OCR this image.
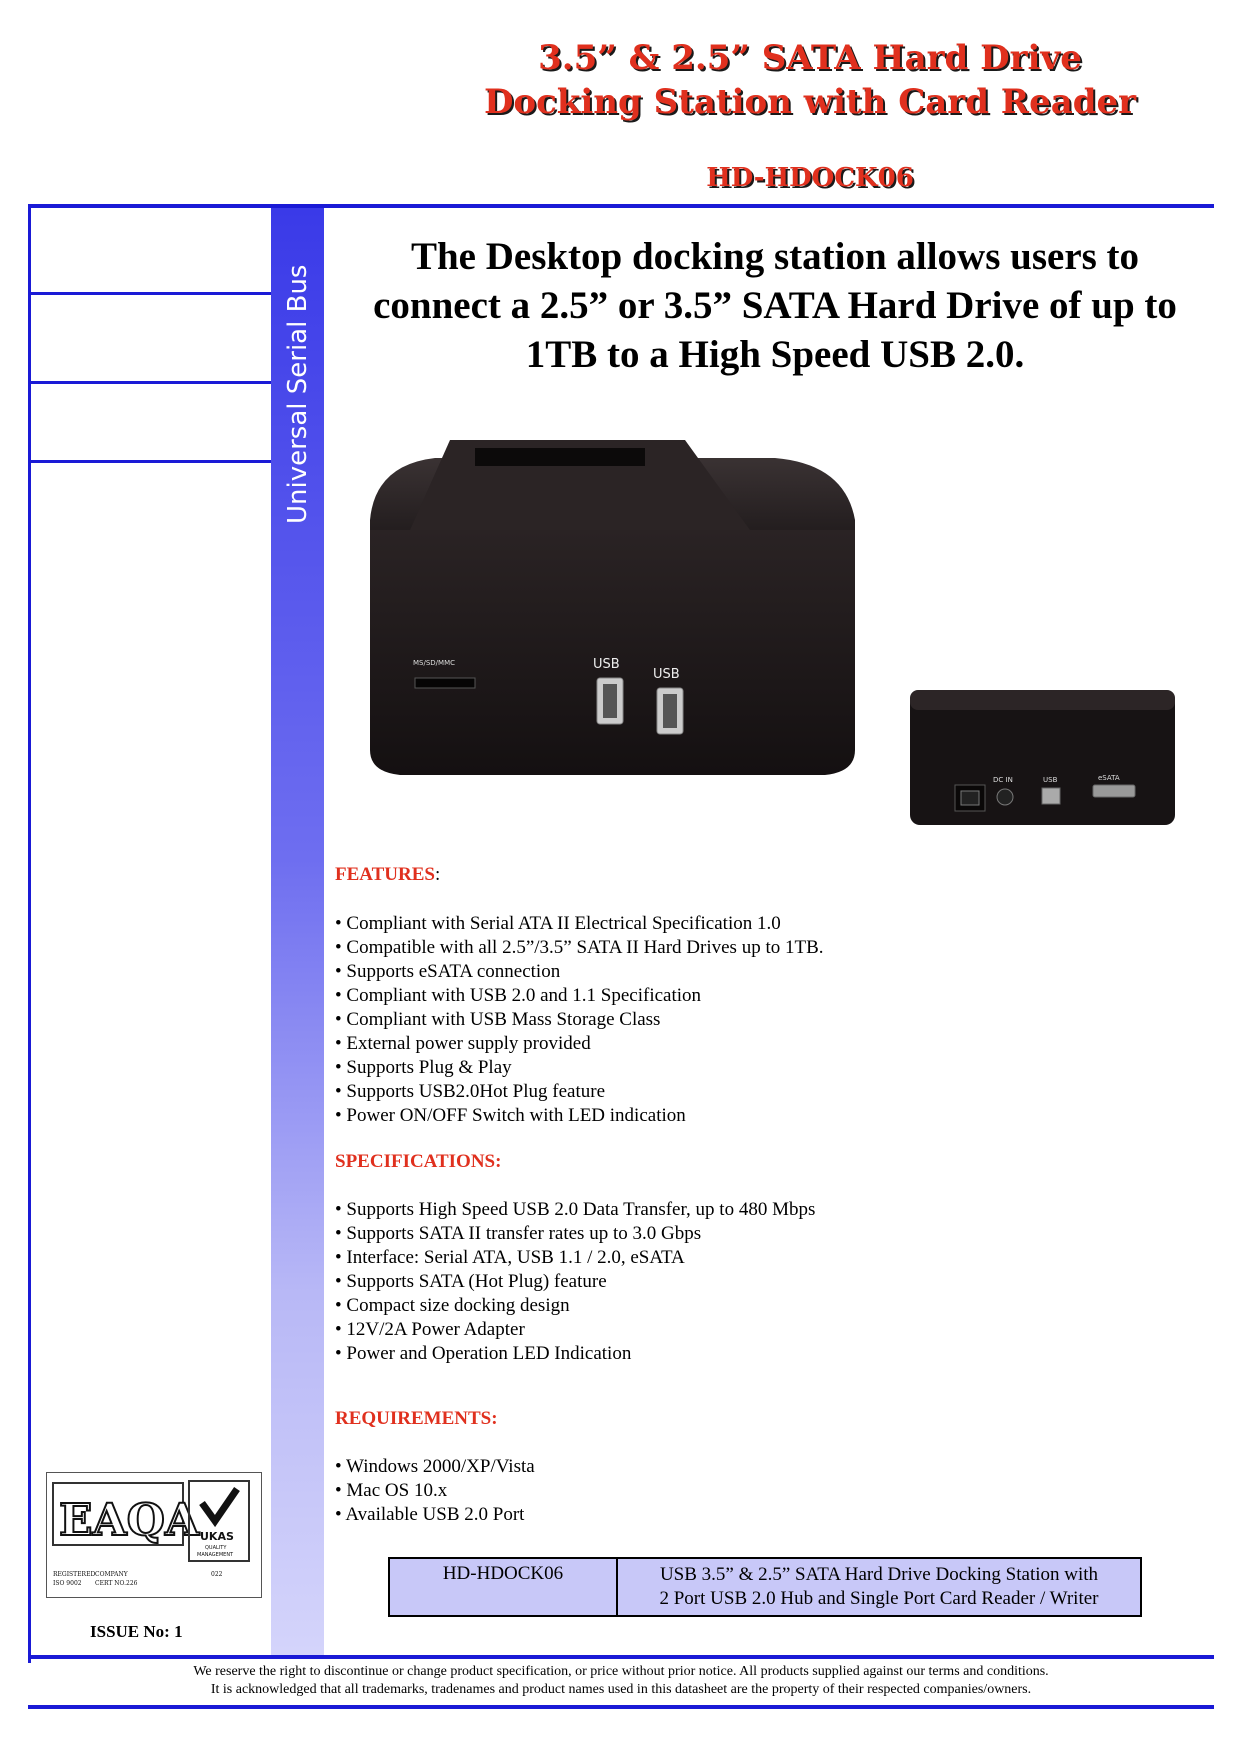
3.5” & 2.5” SATA Hard Drive
Docking Station with Card Reader
HD-HDOCK06
Universal Serial Bus
The Desktop docking station allows users to
connect a 2.5” or 3.5” SATA Hard Drive of up to
1TB to a High Speed USB 2.0.
MS/SD/MMC	USB
USB
DC IN	USB	eSATA
FEATURES:
• Compliant with Serial ATA II Electrical Specification 1.0
• Compatible with all 2.5”/3.5” SATA II Hard Drives up to 1TB.
• Supports eSATA connection
• Compliant with USB 2.0 and 1.1 Specification
• Compliant with USB Mass Storage Class
• External power supply provided
• Supports Plug & Play
• Supports USB2.0Hot Plug feature
• Power ON/OFF Switch with LED indication
SPECIFICATIONS:
• Supports High Speed USB 2.0 Data Transfer, up to 480 Mbps
• Supports SATA II transfer rates up to 3.0 Gbps
• Interface: Serial ATA, USB 1.1 / 2.0, eSATA
• Supports SATA (Hot Plug) feature
• Compact size docking design
• 12V/2A Power Adapter
• Power and Operation LED Indication
REQUIREMENTS:
• Windows 2000/XP/Vista
• Mac OS 10.x
• Available USB 2.0 Port
HD-HDOCK06	USB 3.5” & 2.5” SATA Hard Drive Docking Station with
2 Port USB 2.0 Hub and Single Port Card Reader / Writer
EAQA UKAS
QUALITY
MANAGEMENT
REGISTERED COMPANY	022
ISO 9002 CERT NO.226
ISSUE No: 1
We reserve the right to discontinue or change product specification, or price without prior notice. All products supplied against our terms and conditions.
It is acknowledged that all trademarks, tradenames and product names used in this datasheet are the property of their respected companies/owners.
